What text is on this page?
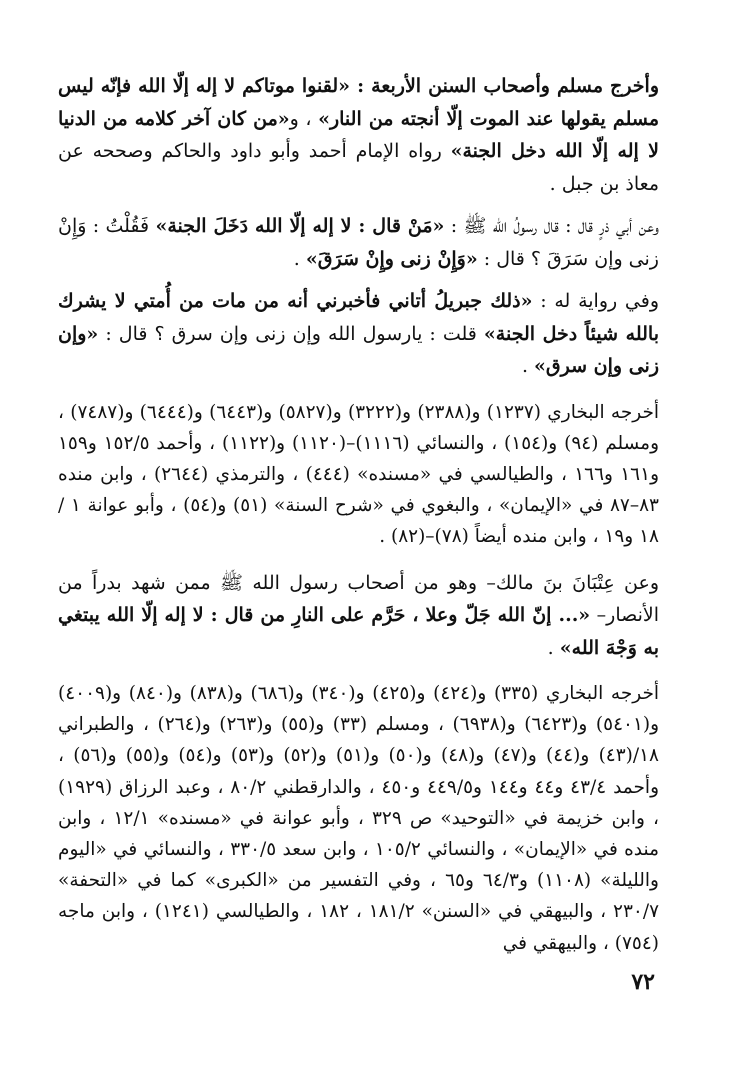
وأخرج مسلم وأصحاب السنن الأربعة : «لقنوا موتاكم لا إله إلّا الله فإنّه ليس مسلم يقولها عند الموت إلّا أنجته من النار» ، و«من كان آخر كلامه من الدنيا لا إله إلّا الله دخل الجنة» رواه الإمام أحمد وأبو داود والحاكم وصححه عن معاذ بن جبل .

وعن أبي ذرٍ قال : قال رسولُ الله ﷺ : «مَنْ قال : لا إله إلّا الله دَخَلَ الجنة» فَقُلْتُ : وَإِنْ زنى وإن سَرَقَ ؟ قال : «وَإِنْ زنى وإِنْ سَرَقَ» .

وفي رواية له : «ذلك جبريلُ أتاني فأخبرني أنه من مات من أُمتي لا يشرك بالله شيئاً دخل الجنة» قلت : يارسول الله وإن زنى وإن سرق ؟ قال : «وإن زنى وإن سرق» .

أخرجه البخاري (١٢٣٧) و(٢٣٨٨) و(٣٢٢٢) و(٥٨٢٧) و(٦٤٤٣) و(٦٤٤٤) و(٧٤٨٧) ، ومسلم (٩٤) و(١٥٤) ، والنسائي (١١١٦)–(١١٢٠) و(١١٢٢) ، وأحمد ١٥٢/٥ و١٥٩ و١٦١ و١٦٦ ، والطيالسي في «مسنده» (٤٤٤) ، والترمذي (٢٦٤٤) ، وابن منده ٨٣–٨٧ في «الإيمان» ، والبغوي في «شرح السنة» (٥١) و(٥٤) ، وأبو عوانة ١ /١٨ و١٩ ، وابن منده أيضاً (٧٨)–(٨٢) .

وعن عِتْبَانَ بنَ مالك– وهو من أصحاب رسول الله ﷺ ممن شهد بدراً من الأنصار– «... إنّ الله جَلّ وعلا ، حَرَّم على النارِ من قال : لا إله إلّا الله يبتغي به وَجْهَ الله» .

أخرجه البخاري (٣٣٥) و(٤٢٤) و(٤٢٥) و(٣٤٠) و(٦٨٦) و(٨٣٨) و(٨٤٠) و(٤٠٠٩) و(٥٤٠١) و(٦٤٢٣) و(٦٩٣٨) ، ومسلم (٣٣) و(٥٥) و(٢٦٣) و(٢٦٤) ، والطبراني ١٨/(٤٣) و(٤٤) و(٤٧) و(٤٨) و(٥٠) و(٥١) و(٥٢) و(٥٣) و(٥٤) و(٥٥) و(٥٦) ، وأحمد ٤٣/٤ و٤٤ و١٤٤ و٤٤٩/٥ و٤٥٠ ، والدارقطني ٨٠/٢ ، وعبد الرزاق (١٩٢٩) ، وابن خزيمة في «التوحيد» ص ٣٢٩ ، وأبو عوانة في «مسنده» ١٢/١ ، وابن منده في «الإيمان» ، والنسائي ١٠٥/٢ ، وابن سعد ٣٣٠/٥ ، والنسائي في «اليوم والليلة» (١١٠٨) و٦٤/٣ و٦٥ ، وفي التفسير من «الكبرى» كما في «التحفة» ٢٣٠/٧ ، والبيهقي في «السنن» ١٨١/٢ ، ١٨٢ ، والطيالسي (١٢٤١) ، وابن ماجه (٧٥٤) ، والبيهقي في

٧٢
